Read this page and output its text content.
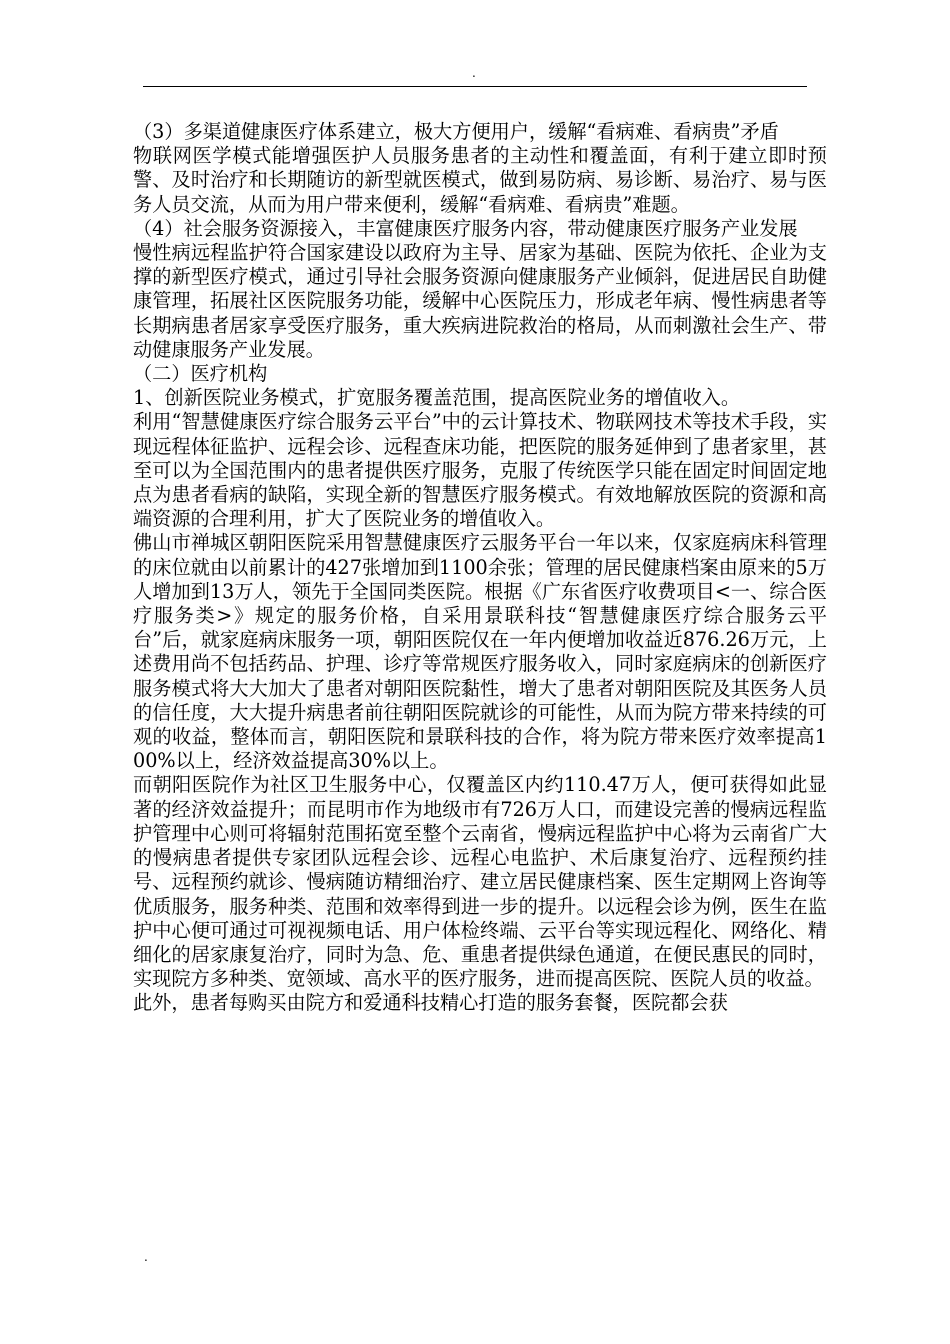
.

（3）多渠道健康医疗体系建立，极大方便用户，缓解“看病难、看病贵”矛盾

物联网医学模式能增强医护人员服务患者的主动性和覆盖面，有利于建立即时预警、及时治疗和长期随访的新型就医模式，做到易防病、易诊断、易治疗、易与医务人员交流，从而为用户带来便利，缓解“看病难、看病贵”难题。

（4）社会服务资源接入，丰富健康医疗服务内容，带动健康医疗服务产业发展

慢性病远程监护符合国家建设以政府为主导、居家为基础、医院为依托、企业为支撑的新型医疗模式，通过引导社会服务资源向健康服务产业倾斜，促进居民自助健康管理，拓展社区医院服务功能，缓解中心医院压力，形成老年病、慢性病患者等长期病患者居家享受医疗服务，重大疾病进院救治的格局，从而刺激社会生产、带动健康服务产业发展。

（二）医疗机构

1、创新医院业务模式，扩宽服务覆盖范围，提高医院业务的增值收入。

利用“智慧健康医疗综合服务云平台”中的云计算技术、物联网技术等技术手段，实现远程体征监护、远程会诊、远程查床功能，把医院的服务延伸到了患者家里，甚至可以为全国范围内的患者提供医疗服务，克服了传统医学只能在固定时间固定地点为患者看病的缺陷，实现全新的智慧医疗服务模式。有效地解放医院的资源和高端资源的合理利用，扩大了医院业务的增值收入。

佛山市禅城区朝阳医院采用智慧健康医疗云服务平台一年以来，仅家庭病床科管理的床位就由以前累计的427张增加到1100余张；管理的居民健康档案由原来的5万人增加到13万人，领先于全国同类医院。根据《广东省医疗收费项目<一、综合医疗服务类>》规定的服务价格，自采用景联科技“智慧健康医疗综合服务云平台”后，就家庭病床服务一项，朝阳医院仅在一年内便增加收益近876.26万元，上述费用尚不包括药品、护理、诊疗等常规医疗服务收入，同时家庭病床的创新医疗服务模式将大大加大了患者对朝阳医院黏性，增大了患者对朝阳医院及其医务人员的信任度，大大提升病患者前往朝阳医院就诊的可能性，从而为院方带来持续的可观的收益，整体而言，朝阳医院和景联科技的合作，将为院方带来医疗效率提高100%以上，经济效益提高30%以上。

而朝阳医院作为社区卫生服务中心，仅覆盖区内约110.47万人，便可获得如此显著的经济效益提升；而昆明市作为地级市有726万人口，而建设完善的慢病远程监护管理中心则可将辐射范围拓宽至整个云南省，慢病远程监护中心将为云南省广大的慢病患者提供专家团队远程会诊、远程心电监护、术后康复治疗、远程预约挂号、远程预约就诊、慢病随访精细治疗、建立居民健康档案、医生定期网上咨询等优质服务，服务种类、范围和效率得到进一步的提升。以远程会诊为例，医生在监护中心便可通过可视视频电话、用户体检终端、云平台等实现远程化、网络化、精细化的居家康复治疗，同时为急、危、重患者提供绿色通道，在便民惠民的同时，实现院方多种类、宽领域、高水平的医疗服务，进而提高医院、医院人员的收益。

此外，患者每购买由院方和爱通科技精心打造的服务套餐，医院都会获

.
